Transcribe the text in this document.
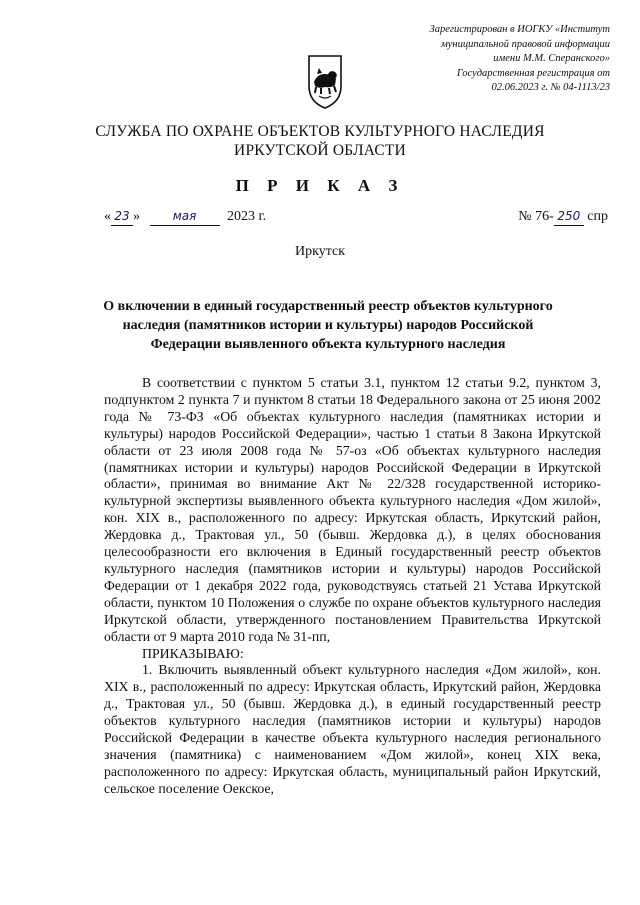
Зарегистрирован в ИОГКУ «Институт
муниципальной правовой информации
имени М.М. Сперанского»
Государственная регистрация от
02.06.2023 г. № 04-1113/23
СЛУЖБА ПО ОХРАНЕ ОБЪЕКТОВ КУЛЬТУРНОГО НАСЛЕДИЯ
ИРКУТСКОЙ ОБЛАСТИ
П Р И К А З
« 23 »	мая 2023 г.	№ 76- 250 спр
Иркутск
О включении в единый государственный реестр объектов культурного наследия (памятников истории и культуры) народов Российской Федерации выявленного объекта культурного наследия

В соответствии с пунктом 5 статьи 3.1, пунктом 12 статьи 9.2, пунктом 3, подпунктом 2 пункта 7 и пунктом 8 статьи 18 Федерального закона от 25 июня 2002 года № 73-ФЗ «Об объектах культурного наследия (памятниках истории и культуры) народов Российской Федерации», частью 1 статьи 8 Закона Иркутской области от 23 июля 2008 года № 57-оз «Об объектах культурного наследия (памятниках истории и культуры) народов Российской Федерации в Иркутской области», принимая во внимание Акт № 22/328 государственной историко-культурной экспертизы выявленного объекта культурного наследия «Дом жилой», кон. XIX в., расположенного по адресу: Иркутская область, Иркутский район, Жердовка д., Трактовая ул., 50 (бывш. Жердовка д.), в целях обоснования целесообразности его включения в Единый государственный реестр объектов культурного наследия (памятников истории и культуры) народов Российской Федерации от 1 декабря 2022 года, руководствуясь статьей 21 Устава Иркутской области, пунктом 10 Положения о службе по охране объектов культурного наследия Иркутской области, утвержденного постановлением Правительства Иркутской области от 9 марта 2010 года № 31-пп,

ПРИКАЗЫВАЮ:

1. Включить выявленный объект культурного наследия «Дом жилой», кон. XIX в., расположенный по адресу: Иркутская область, Иркутский район, Жердовка д., Трактовая ул., 50 (бывш. Жердовка д.), в единый государственный реестр объектов культурного наследия (памятников истории и культуры) народов Российской Федерации в качестве объекта культурного наследия регионального значения (памятника) с наименованием «Дом жилой», конец XIX века, расположенного по адресу: Иркутская область, муниципальный район Иркутский, сельское поселение Оекское,
